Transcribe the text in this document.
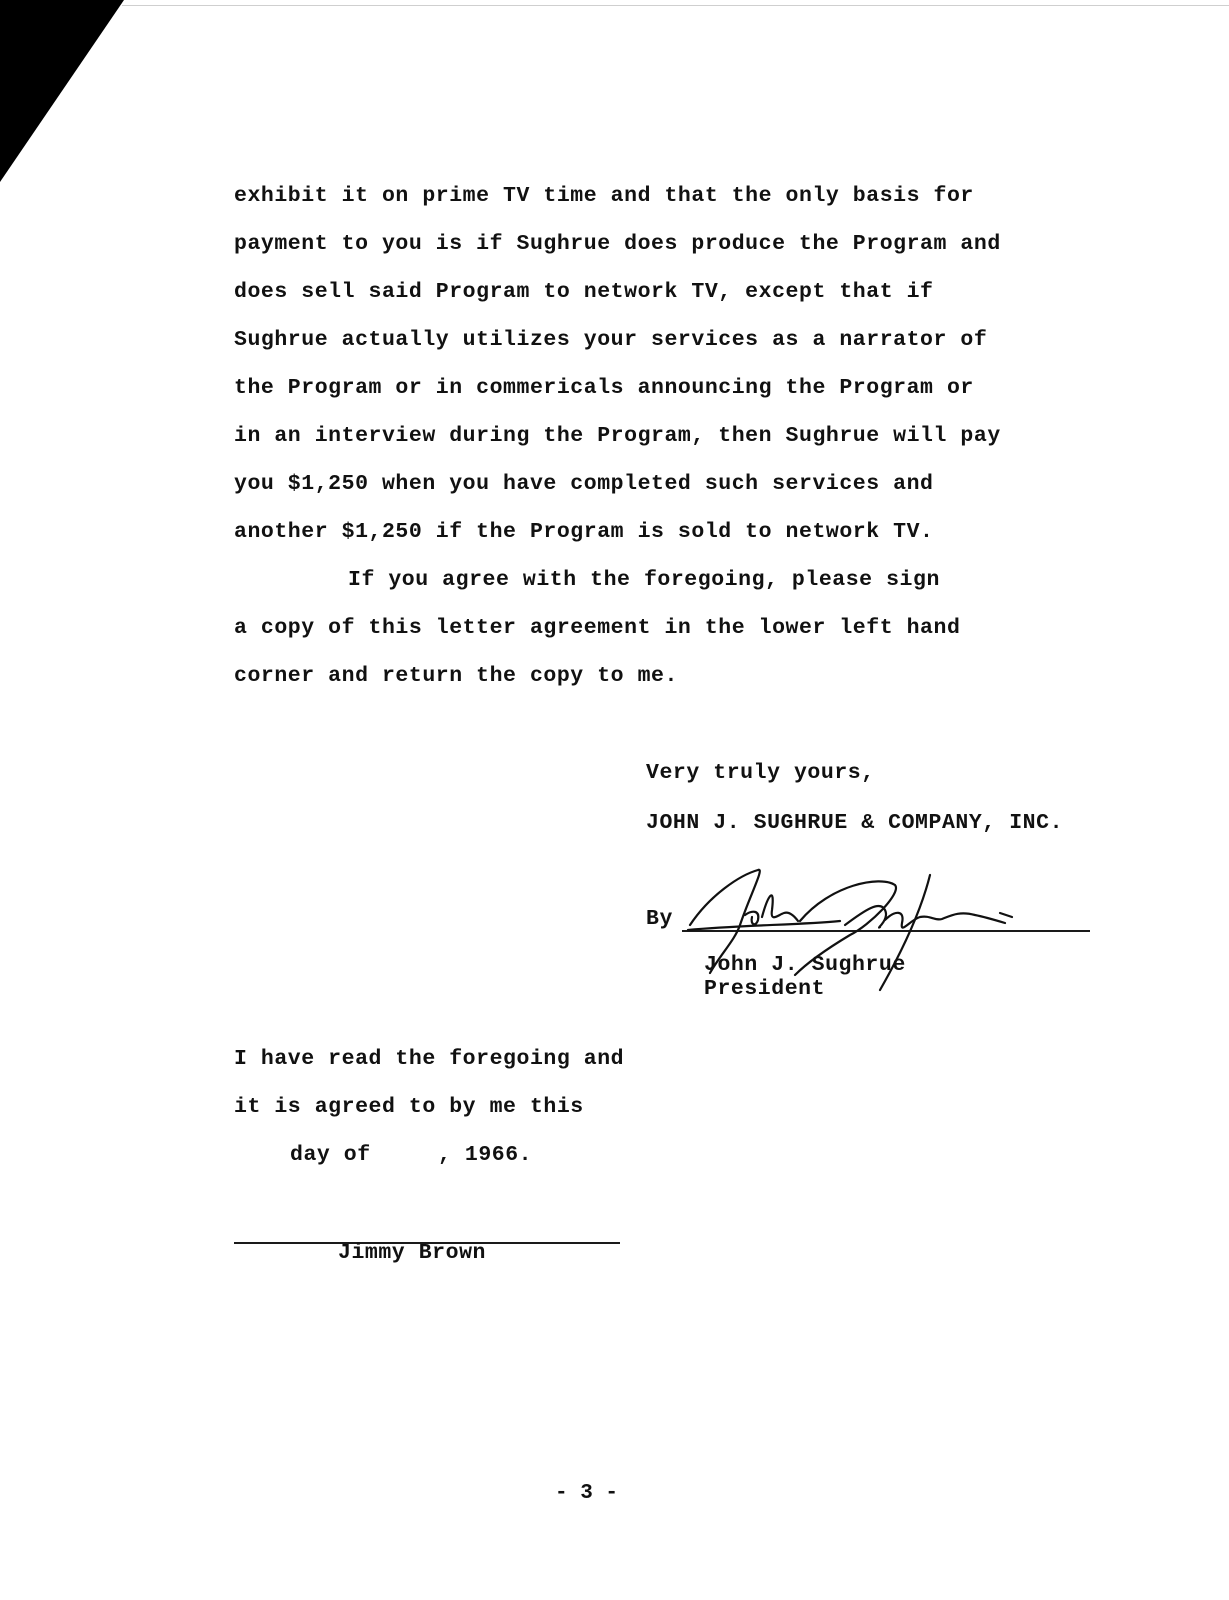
exhibit it on prime TV time and that the only basis for
payment to you is if Sughrue does produce the Program and
does sell said Program to network TV, except that if
Sughrue actually utilizes your services as a narrator of
the Program or in commericals announcing the Program or
in an interview during the Program, then Sughrue will pay
you $1,250 when you have completed such services and
another $1,250 if the Program is sold to network TV.
If you agree with the foregoing, please sign
a copy of this letter agreement in the lower left hand
corner and return the copy to me.
Very truly yours,
JOHN J. SUGHRUE & COMPANY, INC.
By
John J. Sughrue
President
I have read the foregoing and
it is agreed to by me this
day of     , 1966.
Jimmy Brown
- 3 -
